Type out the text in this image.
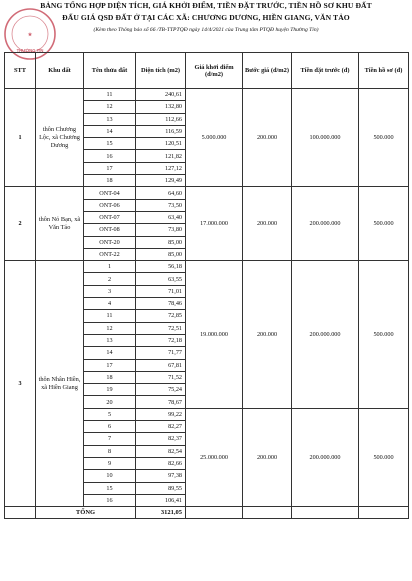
BẢNG TỔNG HỢP DIỆN TÍCH, GIÁ KHỞI ĐIỂM, TIỀN ĐẶT TRƯỚC, TIỀN HỒ SƠ KHU ĐẤT
ĐẤU GIÁ QSD ĐẤT Ở TẠI CÁC XÃ: CHƯƠNG DƯƠNG, HIỀN GIANG, VĂN TẢO
(Kèm theo Thông báo số 66 /TB-TTPTQĐ ngày 14/4/2021 của Trung tâm PTQĐ huyện Thường Tín)
★
THƯỜNG TÍN
STT	Khu đất	Tên thửa đất	Diện tích (m2)	Giá khởi điểm (đ/m2)	Bước giá (đ/m2)	Tiền đặt trước (đ)	Tiền hồ sơ (đ)
1	thôn Chương Lộc, xã Chương Dương	11	240,61	5.000.000	200.000	100.000.000	500.000
		12	132,80				
		13	112,66				
		14	116,59				
		15	120,51				
		16	121,82				
		17	127,12				
		18	129,49				
2	thôn Nỏ Bạn, xã Văn Tảo	ONT-04	64,60	17.000.000	200.000	200.000.000	500.000
		ONT-06	73,50				
		ONT-07	63,40				
		ONT-08	73,80				
		ONT-20	85,00				
		ONT-22	85,00				
3	thôn Nhân Hiền, xã Hiền Giang	1	56,18	19.000.000	200.000	200.000.000	500.000
		2	63,55				
		3	71,01				
		4	78,46				
		11	72,85				
		12	72,51				
		13	72,18				
		14	71,77				
		17	67,81				
		18	71,52				
		19	75,24				
		20	78,67				
		5	99,22	25.000.000	200.000	200.000.000	500.000
		6	82,27				
		7	82,37				
		8	82,54				
		9	82,66				
		10	97,38				
		15	89,55				
		16	106,41				
	TỔNG		3121,05				
